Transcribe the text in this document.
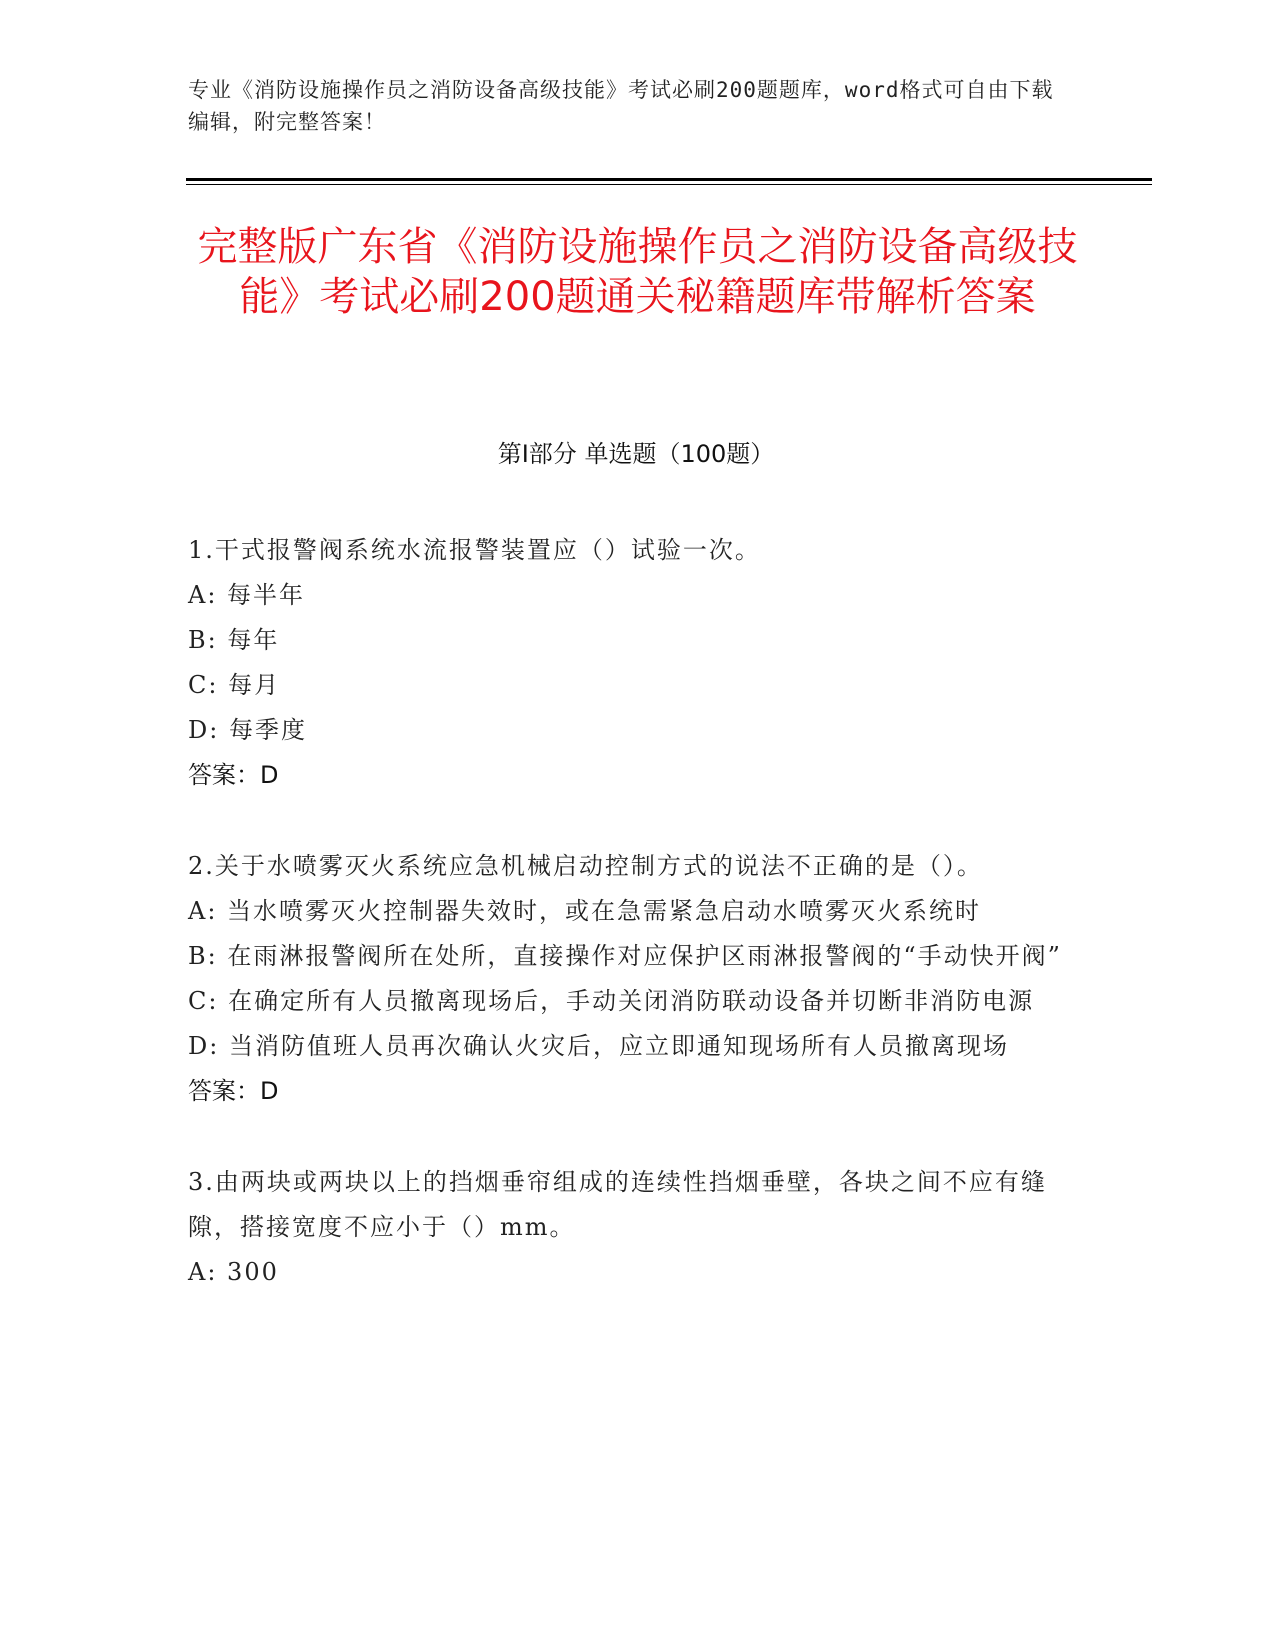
专业《消防设施操作员之消防设备高级技能》考试必刷200题题库，word格式可自由下载编辑，附完整答案！
完整版广东省《消防设施操作员之消防设备高级技能》考试必刷200题通关秘籍题库带解析答案
第I部分 单选题（100题）
1.干式报警阀系统水流报警装置应（）试验一次。
A: 每半年
B: 每年
C: 每月
D: 每季度
答案：D
2.关于水喷雾灭火系统应急机械启动控制方式的说法不正确的是（）。
A: 当水喷雾灭火控制器失效时，或在急需紧急启动水喷雾灭火系统时
B: 在雨淋报警阀所在处所，直接操作对应保护区雨淋报警阀的“手动快开阀”
C: 在确定所有人员撤离现场后，手动关闭消防联动设备并切断非消防电源
D: 当消防值班人员再次确认火灾后，应立即通知现场所有人员撤离现场
答案：D
3.由两块或两块以上的挡烟垂帘组成的连续性挡烟垂壁，各块之间不应有缝隙，搭接宽度不应小于（）mm。
A: 300
